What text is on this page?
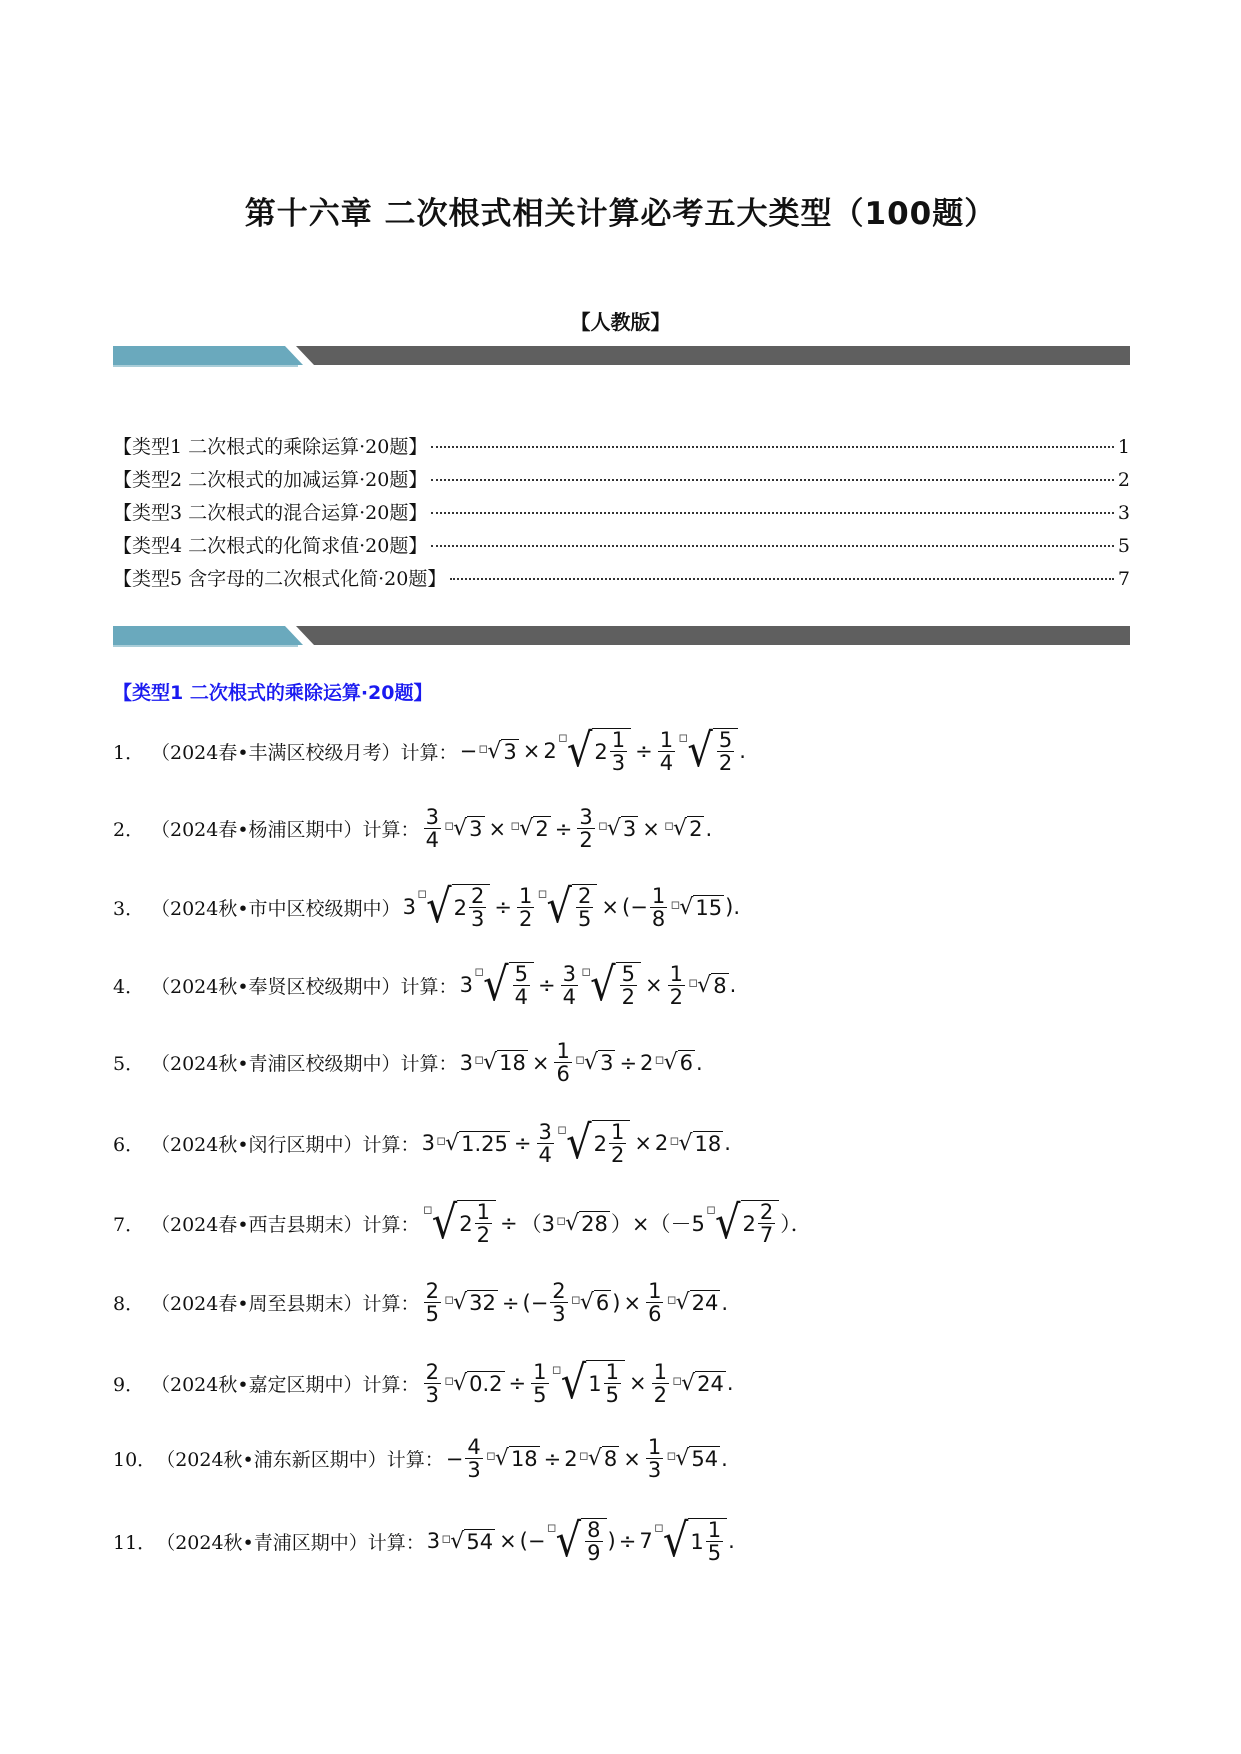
第十六章 二次根式相关计算必考五大类型（100题）
【人教版】
【类型1 二次根式的乘除运算·20题】	1
【类型2 二次根式的加减运算·20题】	2
【类型3 二次根式的混合运算·20题】	3
【类型4 二次根式的化简求值·20题】	5
【类型5 含字母的二次根式化简·20题】	7
【类型1 二次根式的乘除运算·20题】
1． （2024春•丰满区校级月考）计算： − ▫ √ 3 × 2
▫ √ $2 \frac{1}{3} \div \frac{1}{4}$ ▫ √ $\frac{5}{2}$ .
2． （2024春•杨浦区期中）计算： $\frac{3}{4}$ ▫ √ 3 × ▫ √ $2 \div \frac{3}{2}$ ▫ √ 3 × ▫ √ 2 .
3． （2024秋•市中区校级期中） 3
▫ √ $2 \frac{2}{3} \div \frac{1}{2}$ ▫ √ $\frac{2}{5}$ × ( − $\frac{1}{8}$ ▫ √ 15 ).
4． （2024秋•奉贤区校级期中）计算： 3
▫ √ $\frac{5}{4} \div \frac{3}{4}$ ▫ √ $\frac{5}{2} \times \frac{1}{2}$ ▫ √ 8 .
5． （2024秋•青浦区校级期中）计算： 3 ▫ √ $18 \times \frac{1}{6}$ ▫ √ 3 ÷ 2 ▫ √ 6 .
6． （2024秋•闵行区期中）计算： 3 ▫ √ $1.25 \div \frac{3}{4}$ ▫ √ $2 \frac{1}{2} \times 2$ ▫ √ 18 .
7． （2024春•西吉县期末）计算：
▫ √ $2 \frac{1}{2} \div (3$ ▫ √ 28 ）×（－5
▫ √ $2 \frac{2}{7}$ ）．
8． （2024春•周至县期末）计算： $\frac{2}{5}$ ▫ √ 32 ÷ ( − $\frac{2}{3}$ ▫ √ 6 ) × $\frac{1}{6}$ ▫ √ 24 .
9． （2024秋•嘉定区期中）计算： $\frac{2}{3}$ ▫ √ $0.2 \div \frac{1}{5}$ ▫ √ $1 \frac{1}{5} \times \frac{1}{2}$ ▫ √ 24 .
10． （2024秋•浦东新区期中）计算： − $\frac{4}{3}$ ▫ √ 18 ÷ 2 ▫ √ $8 \times \frac{1}{3}$ ▫ √ 54 .
11． （2024秋•青浦区期中）计算： 3 ▫ √ 54 × ( −
▫ √ $\frac{8}{9}$ ) ÷ 7
▫ √ $1 \frac{1}{5}$ .
